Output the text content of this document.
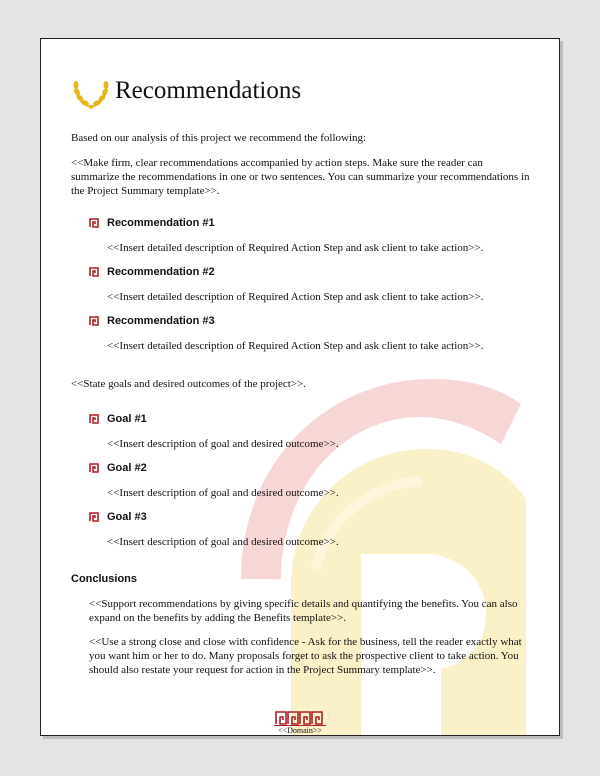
Recommendations

Based on our analysis of this project we recommend the following:

<<Make firm, clear recommendations accompanied by action steps. Make sure the reader can summarize the recommendations in one or two sentences. You can summarize your recommendations in the Project Summary template>>.

Recommendation #1
<<Insert detailed description of Required Action Step and ask client to take action>>.
Recommendation #2
<<Insert detailed description of Required Action Step and ask client to take action>>.
Recommendation #3
<<Insert detailed description of Required Action Step and ask client to take action>>.

<<State goals and desired outcomes of the project>>.

Goal #1
<<Insert description of goal and desired outcome>>.
Goal #2
<<Insert description of goal and desired outcome>>.
Goal #3
<<Insert description of goal and desired outcome>>.
Conclusions

<<Support recommendations by giving specific details and quantifying the benefits. You can also expand on the benefits by adding the Benefits template>>.

<<Use a strong close and close with confidence - Ask for the business, tell the reader exactly what you want him or her to do. Many proposals forget to ask the prospective client to take action. You should also restate your request for action in the Project Summary template>>.

<<Domain>>
